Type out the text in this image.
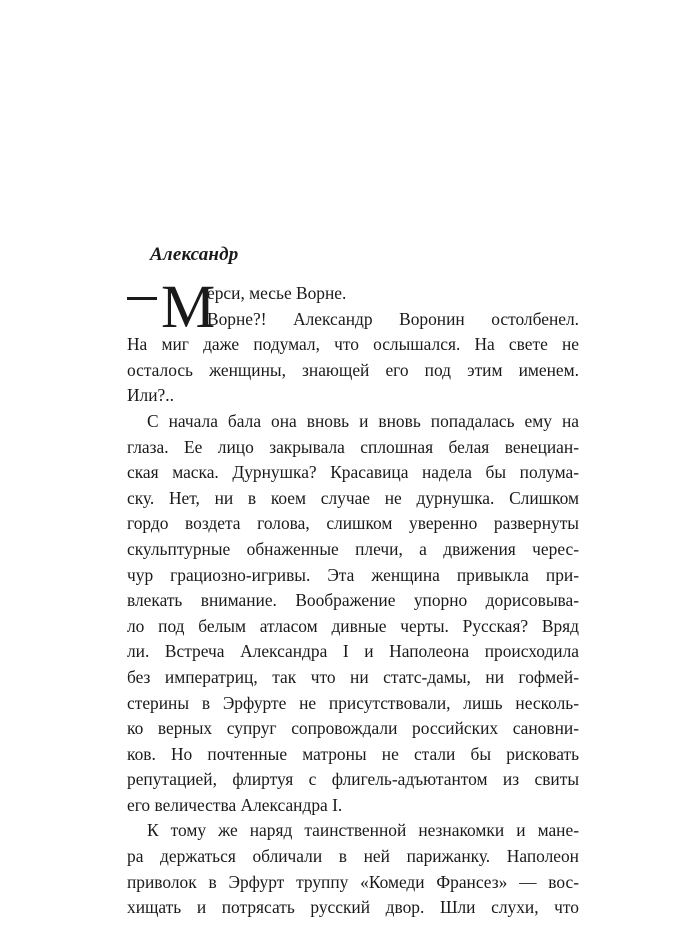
Александр
М
ерси, месье Ворне.
Ворне?! Александр Воронин остолбенел.
На миг даже подумал, что ослышался. На свете не
осталось женщины, знающей его под этим именем.
Или?..
С начала бала она вновь и вновь попадалась ему на
глаза. Ее лицо закрывала сплошная белая венециан-
ская маска. Дурнушка? Красавица надела бы полума-
ску. Нет, ни в коем случае не дурнушка. Слишком
гордо воздета голова, слишком уверенно развернуты
скульптурные обнаженные плечи, а движения черес-
чур грациозно-игривы. Эта женщина привыкла при-
влекать внимание. Воображение упорно дорисовыва-
ло под белым атласом дивные черты. Русская? Вряд
ли. Встреча Александра I и Наполеона происходила
без императриц, так что ни статс-дамы, ни гофмей-
стерины в Эрфурте не присутствовали, лишь несколь-
ко верных супруг сопровождали российских сановни-
ков. Но почтенные матроны не стали бы рисковать
репутацией, флиртуя с флигель-адъютантом из свиты
его величества Александра I.
К тому же наряд таинственной незнакомки и мане-
ра держаться обличали в ней парижанку. Наполеон
приволок в Эрфурт труппу «Комеди Франсез» — вос-
хищать и потрясать русский двор. Шли слухи, что
